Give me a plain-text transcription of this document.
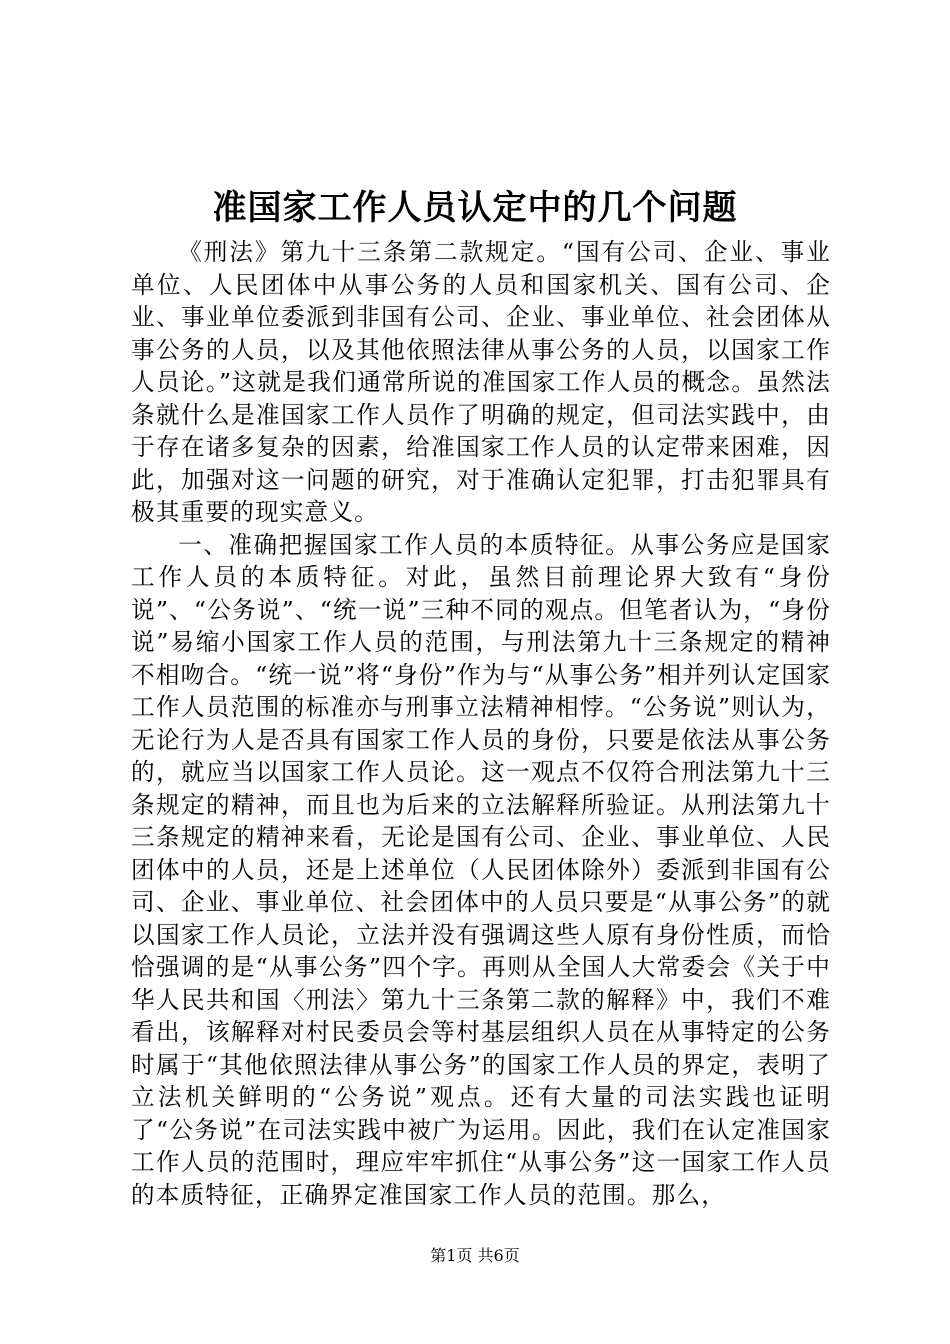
准国家工作人员认定中的几个问题

《刑法》第九十三条第二款规定。“国有公司、企业、事业单位、人民团体中从事公务的人员和国家机关、国有公司、企业、事业单位委派到非国有公司、企业、事业单位、社会团体从事公务的人员，以及其他依照法律从事公务的人员，以国家工作人员论。”这就是我们通常所说的准国家工作人员的概念。虽然法条就什么是准国家工作人员作了明确的规定，但司法实践中，由于存在诸多复杂的因素，给准国家工作人员的认定带来困难，因此，加强对这一问题的研究，对于准确认定犯罪，打击犯罪具有极其重要的现实意义。

一、准确把握国家工作人员的本质特征。从事公务应是国家工作人员的本质特征。对此，虽然目前理论界大致有“身份说”、“公务说”、“统一说”三种不同的观点。但笔者认为，“身份说”易缩小国家工作人员的范围，与刑法第九十三条规定的精神不相吻合。“统一说”将“身份”作为与“从事公务”相并列认定国家工作人员范围的标准亦与刑事立法精神相悖。“公务说”则认为，无论行为人是否具有国家工作人员的身份，只要是依法从事公务的，就应当以国家工作人员论。这一观点不仅符合刑法第九十三条规定的精神，而且也为后来的立法解释所验证。从刑法第九十三条规定的精神来看，无论是国有公司、企业、事业单位、人民团体中的人员，还是上述单位（人民团体除外）委派到非国有公司、企业、事业单位、社会团体中的人员只要是“从事公务”的就以国家工作人员论，立法并没有强调这些人原有身份性质，而恰恰强调的是“从事公务”四个字。再则从全国人大常委会《关于中华人民共和国〈刑法〉第九十三条第二款的解释》中，我们不难看出，该解释对村民委员会等村基层组织人员在从事特定的公务时属于“其他依照法律从事公务”的国家工作人员的界定，表明了立法机关鲜明的“公务说”观点。还有大量的司法实践也证明了“公务说”在司法实践中被广为运用。因此，我们在认定准国家工作人员的范围时，理应牢牢抓住“从事公务”这一国家工作人员的本质特征，正确界定准国家工作人员的范围。那么，

第1页 共6页
